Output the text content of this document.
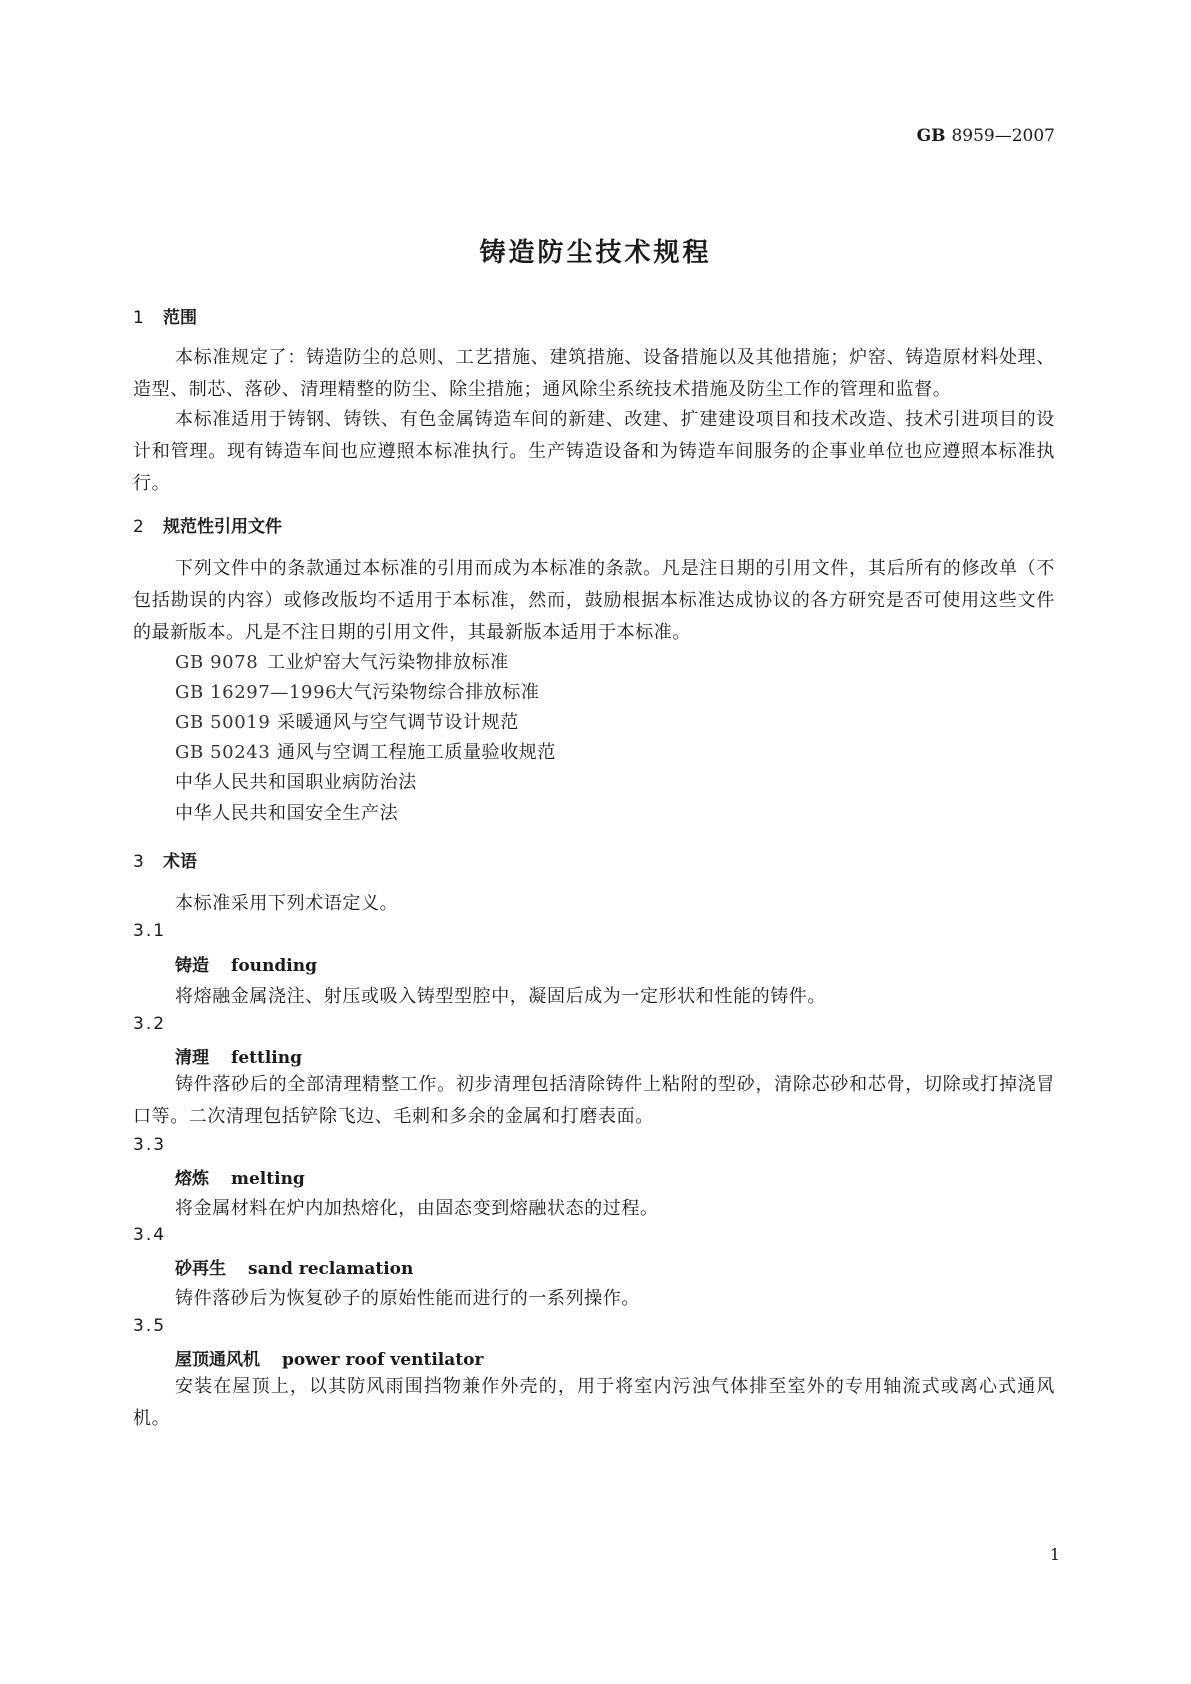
GB 8959—2007
铸造防尘技术规程
1 范围
本标准规定了：铸造防尘的总则、工艺措施、建筑措施、设备措施以及其他措施；炉窑、铸造原材料处理、造型、制芯、落砂、清理精整的防尘、除尘措施；通风除尘系统技术措施及防尘工作的管理和监督。
本标准适用于铸钢、铸铁、有色金属铸造车间的新建、改建、扩建建设项目和技术改造、技术引进项目的设计和管理。现有铸造车间也应遵照本标准执行。生产铸造设备和为铸造车间服务的企事业单位也应遵照本标准执行。
2 规范性引用文件
下列文件中的条款通过本标准的引用而成为本标准的条款。凡是注日期的引用文件，其后所有的修改单（不包括勘误的内容）或修改版均不适用于本标准，然而，鼓励根据本标准达成协议的各方研究是否可使用这些文件的最新版本。凡是不注日期的引用文件，其最新版本适用于本标准。
GB 9078 工业炉窑大气污染物排放标准
GB 16297—1996大气污染物综合排放标准
GB 50019 采暖通风与空气调节设计规范
GB 50243 通风与空调工程施工质量验收规范
中华人民共和国职业病防治法
中华人民共和国安全生产法
3 术语
本标准采用下列术语定义。
3.1
铸造 founding
将熔融金属浇注、射压或吸入铸型型腔中，凝固后成为一定形状和性能的铸件。
3.2
清理 fettling
铸件落砂后的全部清理精整工作。初步清理包括清除铸件上粘附的型砂，清除芯砂和芯骨，切除或打掉浇冒口等。二次清理包括铲除飞边、毛刺和多余的金属和打磨表面。
3.3
熔炼 melting
将金属材料在炉内加热熔化，由固态变到熔融状态的过程。
3.4
砂再生 sand reclamation
铸件落砂后为恢复砂子的原始性能而进行的一系列操作。
3.5
屋顶通风机 power roof ventilator
安装在屋顶上，以其防风雨围挡物兼作外壳的，用于将室内污浊气体排至室外的专用轴流式或离心式通风机。
1
